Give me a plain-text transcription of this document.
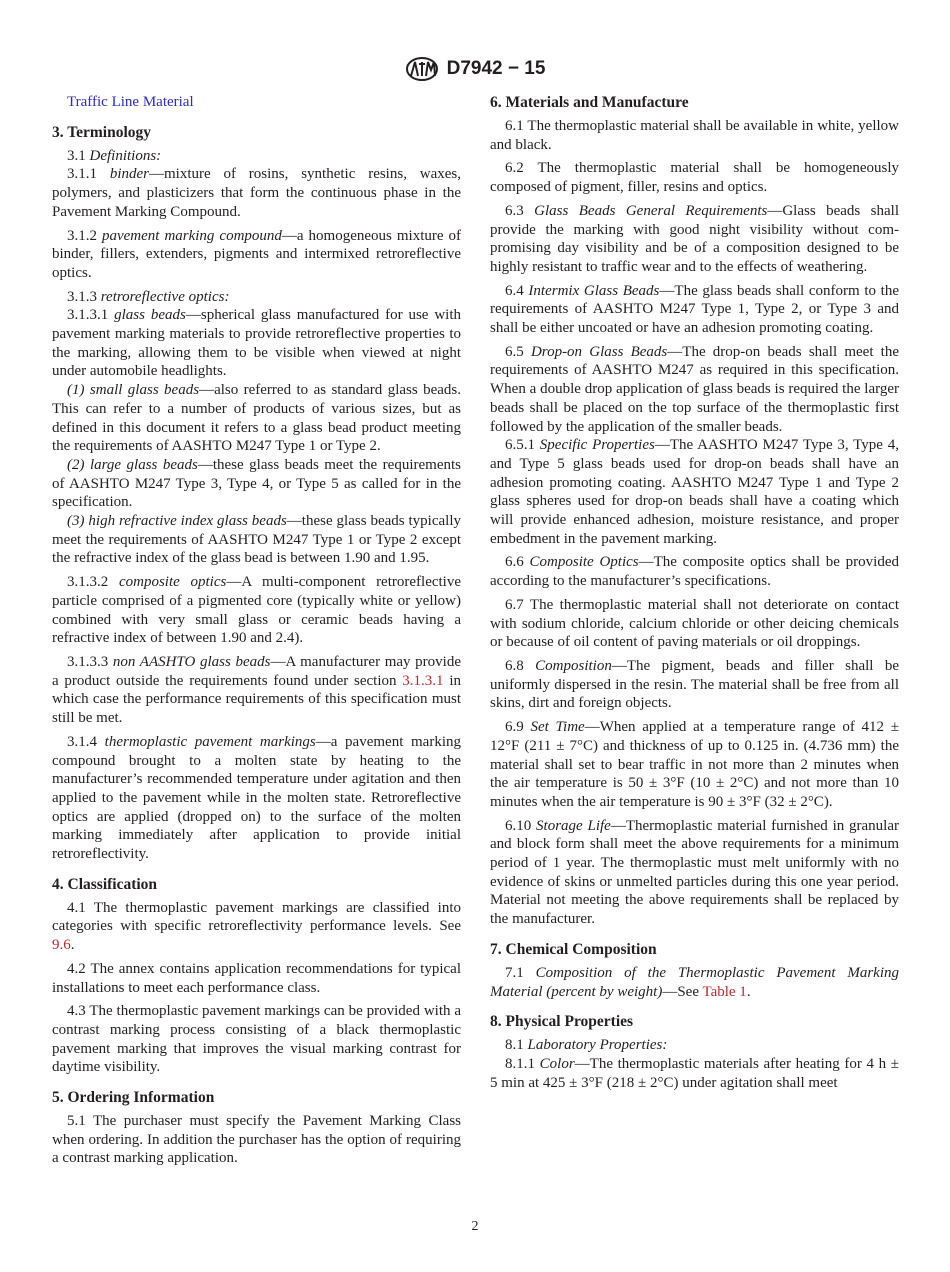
D7942 − 15

Traffic Line Material

3. Terminology

3.1 Definitions:

3.1.1 binder—mixture of rosins, synthetic resins, waxes, polymers, and plasticizers that form the continuous phase in the Pavement Marking Compound.

3.1.2 pavement marking compound—a homogeneous mixture of binder, fillers, extenders, pigments and intermixed retroreflective optics.

3.1.3 retroreflective optics:

3.1.3.1 glass beads—spherical glass manufactured for use with pavement marking materials to provide retroreflective properties to the marking, allowing them to be visible when viewed at night under automobile headlights.

(1) small glass beads—also referred to as standard glass beads. This can refer to a number of products of various sizes, but as defined in this document it refers to a glass bead product meeting the requirements of AASHTO M247 Type 1 or Type 2.

(2) large glass beads—these glass beads meet the requirements of AASHTO M247 Type 3, Type 4, or Type 5 as called for in the specification.

(3) high refractive index glass beads—these glass beads typically meet the requirements of AASHTO M247 Type 1 or Type 2 except the refractive index of the glass bead is between 1.90 and 1.95.

3.1.3.2 composite optics—A multi-component retroreflective particle comprised of a pigmented core (typically white or yellow) combined with very small glass or ceramic beads having a refractive index of between 1.90 and 2.4).

3.1.3.3 non AASHTO glass beads—A manufacturer may provide a product outside the requirements found under section 3.1.3.1 in which case the performance requirements of this specification must still be met.

3.1.4 thermoplastic pavement markings—a pavement marking compound brought to a molten state by heating to the manufacturer’s recommended temperature under agitation and then applied to the pavement while in the molten state. Retroreflective optics are applied (dropped on) to the surface of the molten marking immediately after application to provide initial retroreflectivity.

4. Classification

4.1 The thermoplastic pavement markings are classified into categories with specific retroreflectivity performance levels. See 9.6.

4.2 The annex contains application recommendations for typical installations to meet each performance class.

4.3 The thermoplastic pavement markings can be provided with a contrast marking process consisting of a black thermoplastic pavement marking that improves the visual marking contrast for daytime visibility.

5. Ordering Information

5.1 The purchaser must specify the Pavement Marking Class when ordering. In addition the purchaser has the option of requiring a contrast marking application.

6. Materials and Manufacture

6.1 The thermoplastic material shall be available in white, yellow and black.

6.2 The thermoplastic material shall be homogeneously composed of pigment, filler, resins and optics.

6.3 Glass Beads General Requirements—Glass beads shall provide the marking with good night visibility without compromising day visibility and be of a composition designed to be highly resistant to traffic wear and to the effects of weathering.

6.4 Intermix Glass Beads—The glass beads shall conform to the requirements of AASHTO M247 Type 1, Type 2, or Type 3 and shall be either uncoated or have an adhesion promoting coating.

6.5 Drop-on Glass Beads—The drop-on beads shall meet the requirements of AASHTO M247 as required in this specification. When a double drop application of glass beads is required the larger beads shall be placed on the top surface of the thermoplastic first followed by the application of the smaller beads.

6.5.1 Specific Properties—The AASHTO M247 Type 3, Type 4, and Type 5 glass beads used for drop-on beads shall have an adhesion promoting coating. AASHTO M247 Type 1 and Type 2 glass spheres used for drop-on beads shall have a coating which will provide enhanced adhesion, moisture resistance, and proper embedment in the pavement marking.

6.6 Composite Optics—The composite optics shall be provided according to the manufacturer’s specifications.

6.7 The thermoplastic material shall not deteriorate on contact with sodium chloride, calcium chloride or other deicing chemicals or because of oil content of paving materials or oil droppings.

6.8 Composition—The pigment, beads and filler shall be uniformly dispersed in the resin. The material shall be free from all skins, dirt and foreign objects.

6.9 Set Time—When applied at a temperature range of 412 ± 12°F (211 ± 7°C) and thickness of up to 0.125 in. (4.736 mm) the material shall set to bear traffic in not more than 2 minutes when the air temperature is 50 ± 3°F (10 ± 2°C) and not more than 10 minutes when the air temperature is 90 ± 3°F (32 ± 2°C).

6.10 Storage Life—Thermoplastic material furnished in granular and block form shall meet the above requirements for a minimum period of 1 year. The thermoplastic must melt uniformly with no evidence of skins or unmelted particles during this one year period. Material not meeting the above requirements shall be replaced by the manufacturer.

7. Chemical Composition

7.1 Composition of the Thermoplastic Pavement Marking Material (percent by weight)—See Table 1.

8. Physical Properties

8.1 Laboratory Properties:

8.1.1 Color—The thermoplastic materials after heating for 4 h ± 5 min at 425 ± 3°F (218 ± 2°C) under agitation shall meet

2
